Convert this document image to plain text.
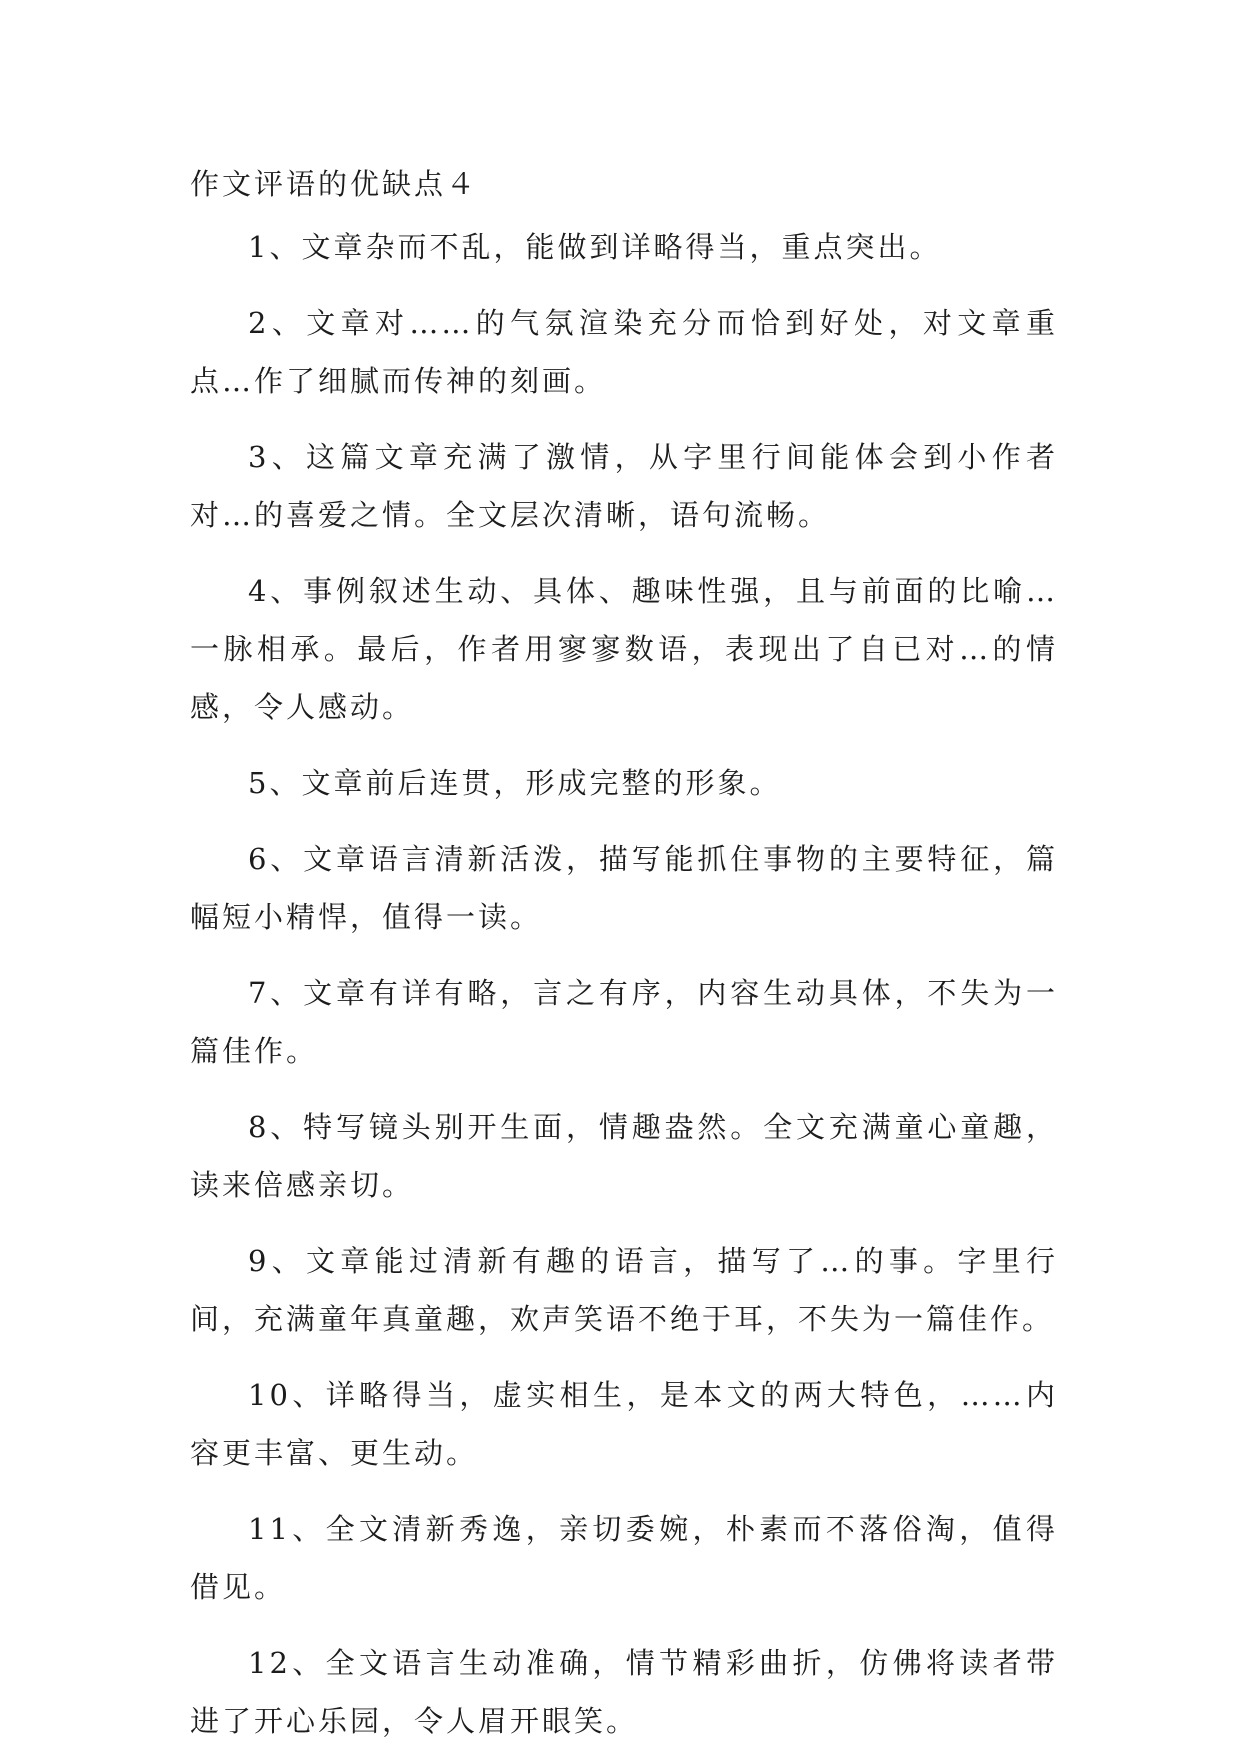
作文评语的优缺点４

1、文章杂而不乱，能做到详略得当，重点突出。

2、文章对……的气氛渲染充分而恰到好处，对文章重点…作了细腻而传神的刻画。

3、这篇文章充满了激情，从字里行间能体会到小作者对…的喜爱之情。全文层次清晰，语句流畅。

4、事例叙述生动、具体、趣味性强，且与前面的比喻…一脉相承。最后，作者用寥寥数语，表现出了自已对…的情感，令人感动。

5、文章前后连贯，形成完整的形象。

6、文章语言清新活泼，描写能抓住事物的主要特征，篇幅短小精悍，值得一读。

7、文章有详有略，言之有序，内容生动具体，不失为一篇佳作。

8、特写镜头别开生面，情趣盎然。全文充满童心童趣，读来倍感亲切。

9、文章能过清新有趣的语言，描写了…的事。字里行间，充满童年真童趣，欢声笑语不绝于耳，不失为一篇佳作。

10、详略得当，虚实相生，是本文的两大特色，……内容更丰富、更生动。

11、全文清新秀逸，亲切委婉，朴素而不落俗淘，值得借见。

12、全文语言生动准确，情节精彩曲折，仿佛将读者带进了开心乐园，令人眉开眼笑。
